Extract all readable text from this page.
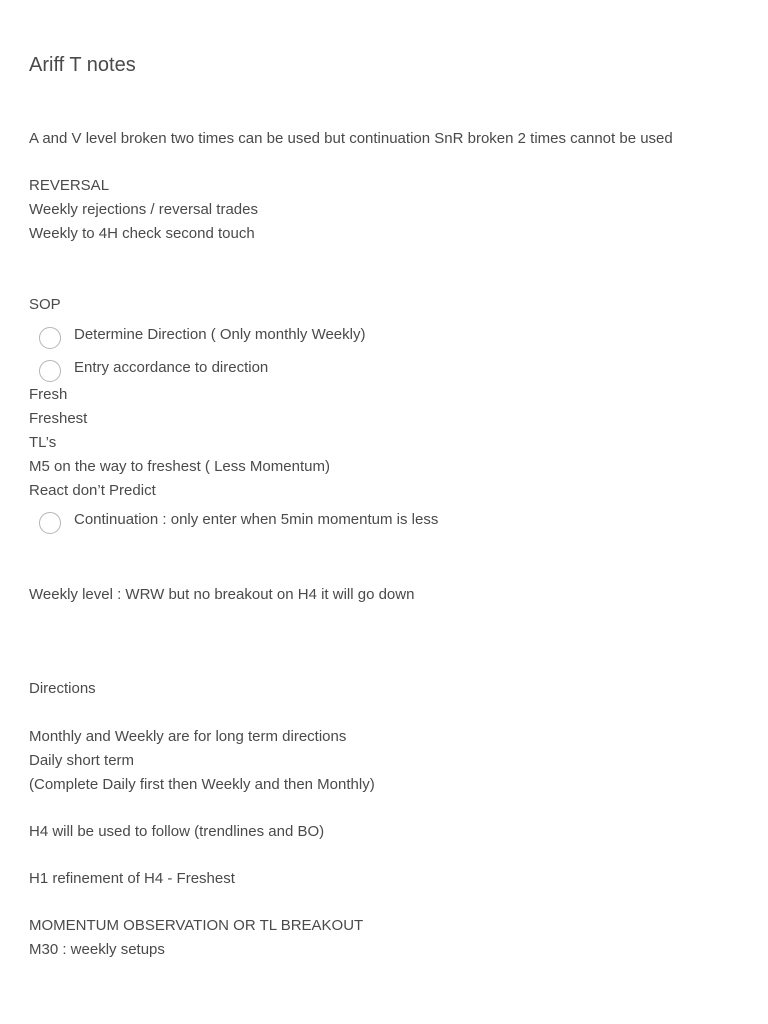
Ariff T notes
A and V level broken two times can be used but continuation SnR broken 2 times cannot be used
REVERSAL
Weekly rejections / reversal trades
Weekly to 4H check second touch
SOP
Determine Direction ( Only monthly Weekly)
Entry accordance to direction
Fresh
Freshest
TL’s
M5 on the way to freshest ( Less Momentum)
React don’t Predict
Continuation : only enter when 5min momentum is less
Weekly level : WRW but no breakout on H4 it will go down
Directions
Monthly and Weekly are for long term directions
Daily short term
(Complete Daily first then Weekly and then Monthly)
H4 will be used to follow (trendlines and BO)
H1 refinement of H4 - Freshest
MOMENTUM OBSERVATION OR TL BREAKOUT
M30 : weekly setups
